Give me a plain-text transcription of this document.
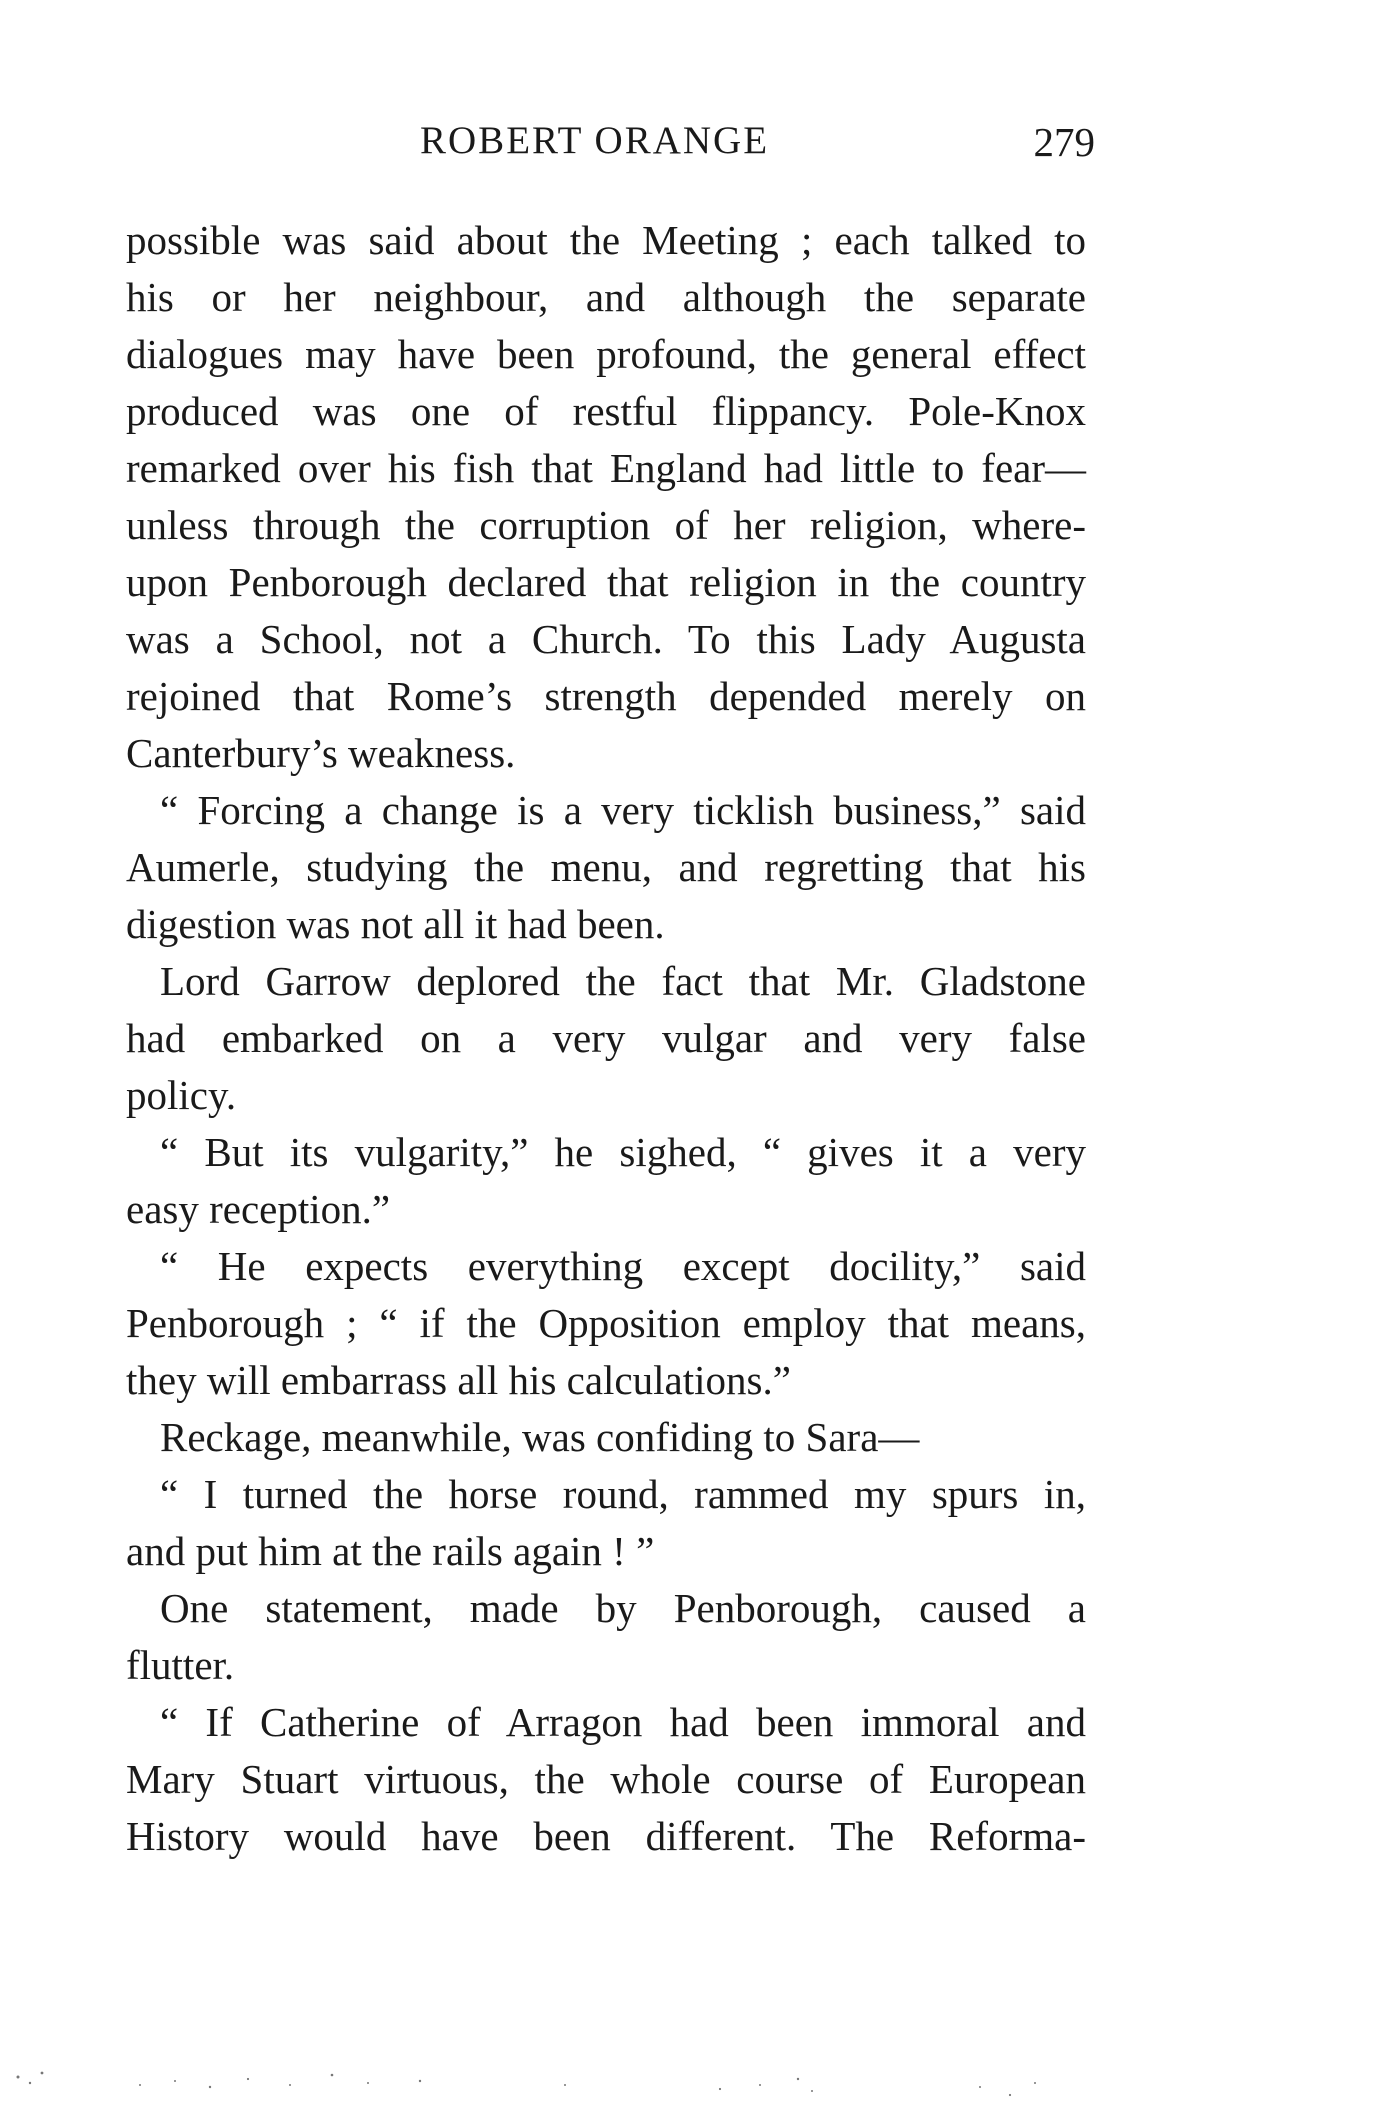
ROBERT ORANGE	279
possible was said about the Meeting ; each talked to
his or her neighbour, and although the separate
dialogues may have been profound, the general effect
produced was one of restful flippancy. Pole-Knox
remarked over his fish that England had little to fear—
unless through the corruption of her religion, where-
upon Penborough declared that religion in the country
was a School, not a Church. To this Lady Augusta
rejoined that Rome’s strength depended merely on
Canterbury’s weakness.
“ Forcing a change is a very ticklish business,” said
Aumerle, studying the menu, and regretting that his
digestion was not all it had been.
Lord Garrow deplored the fact that Mr. Gladstone
had embarked on a very vulgar and very false
policy.
“ But its vulgarity,” he sighed, “ gives it a very
easy reception.”
“ He expects everything except docility,” said
Penborough ; “ if the Opposition employ that means,
they will embarrass all his calculations.”
Reckage, meanwhile, was confiding to Sara—
“ I turned the horse round, rammed my spurs in,
and put him at the rails again ! ”
One statement, made by Penborough, caused a
flutter.
“ If Catherine of Arragon had been immoral and
Mary Stuart virtuous, the whole course of European
History would have been different. The Reforma-
